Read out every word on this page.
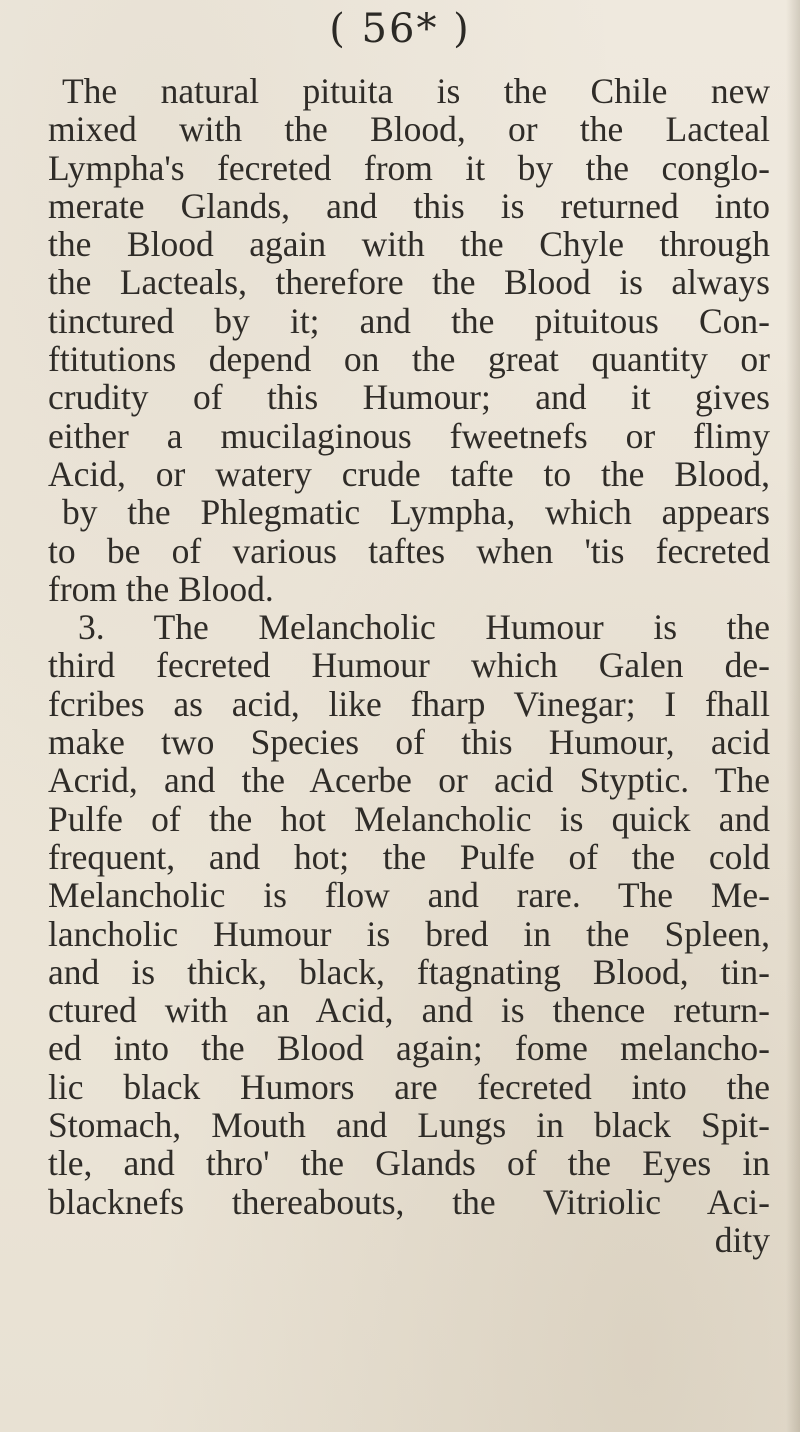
( 56* )
The natural pituita is the Chile new
mixed with the Blood, or the Lacteal
Lympha's fecreted from it by the conglo-
merate Glands, and this is returned into
the Blood again with the Chyle through
the Lacteals, therefore the Blood is always
tinctured by it; and the pituitous Con-
ftitutions depend on the great quantity or
crudity of this Humour; and it gives
either a mucilaginous fweetnefs or flimy
Acid, or watery crude tafte to the Blood,
by the Phlegmatic Lympha, which appears
to be of various taftes when 'tis fecreted
from the Blood.
3. The Melancholic Humour is the
third fecreted Humour which Galen de-
fcribes as acid, like fharp Vinegar; I fhall
make two Species of this Humour, acid
Acrid, and the Acerbe or acid Styptic. The
Pulfe of the hot Melancholic is quick and
frequent, and hot; the Pulfe of the cold
Melancholic is flow and rare. The Me-
lancholic Humour is bred in the Spleen,
and is thick, black, ftagnating Blood, tin-
ctured with an Acid, and is thence return-
ed into the Blood again; fome melancho-
lic black Humors are fecreted into the
Stomach, Mouth and Lungs in black Spit-
tle, and thro' the Glands of the Eyes in
blacknefs thereabouts, the Vitriolic Aci-
dity
